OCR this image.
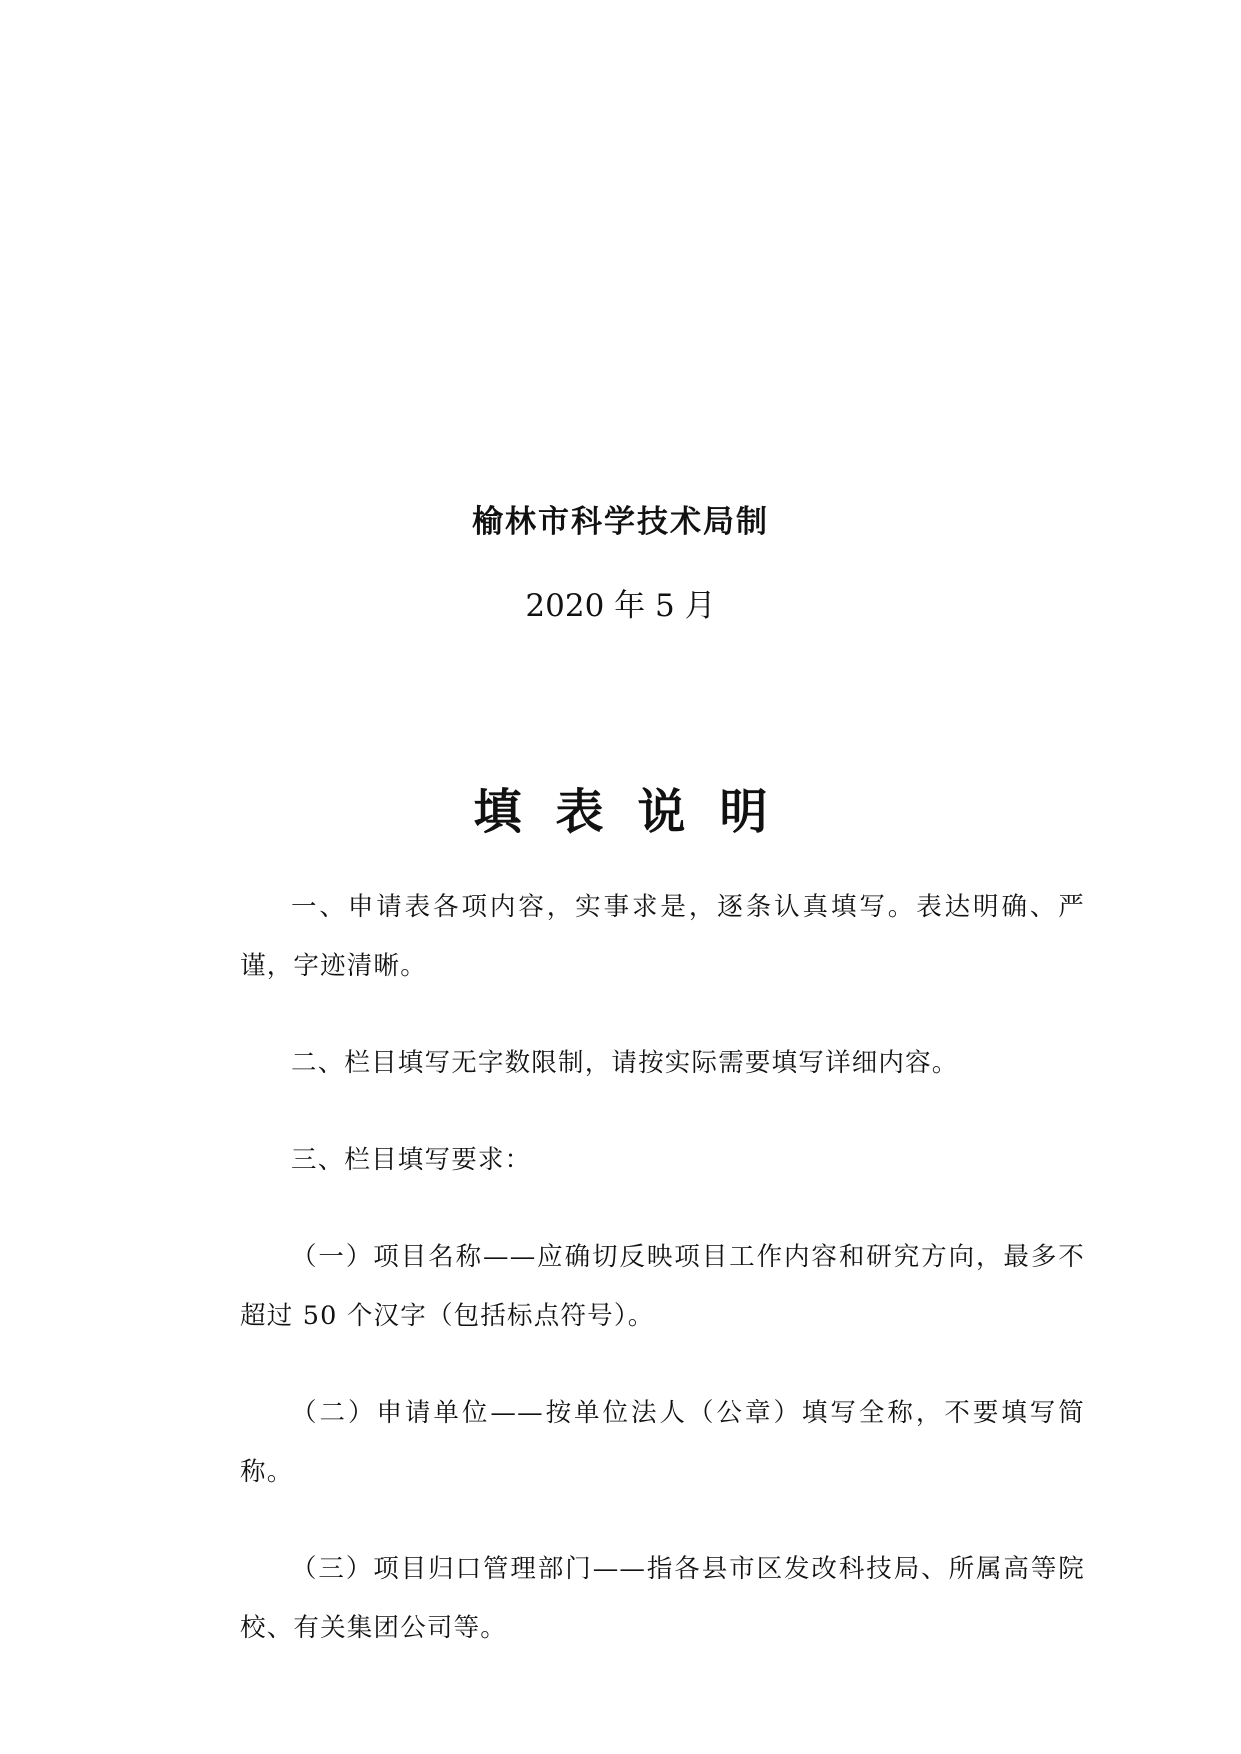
榆林市科学技术局制
2020 年 5 月
填表说明

一、申请表各项内容，实事求是，逐条认真填写。表达明确、严谨，字迹清晰。

二、栏目填写无字数限制，请按实际需要填写详细内容。

三、栏目填写要求：

（一）项目名称——应确切反映项目工作内容和研究方向，最多不超过 50 个汉字（包括标点符号）。

（二）申请单位——按单位法人（公章）填写全称，不要填写简称。

（三）项目归口管理部门——指各县市区发改科技局、所属高等院校、有关集团公司等。
